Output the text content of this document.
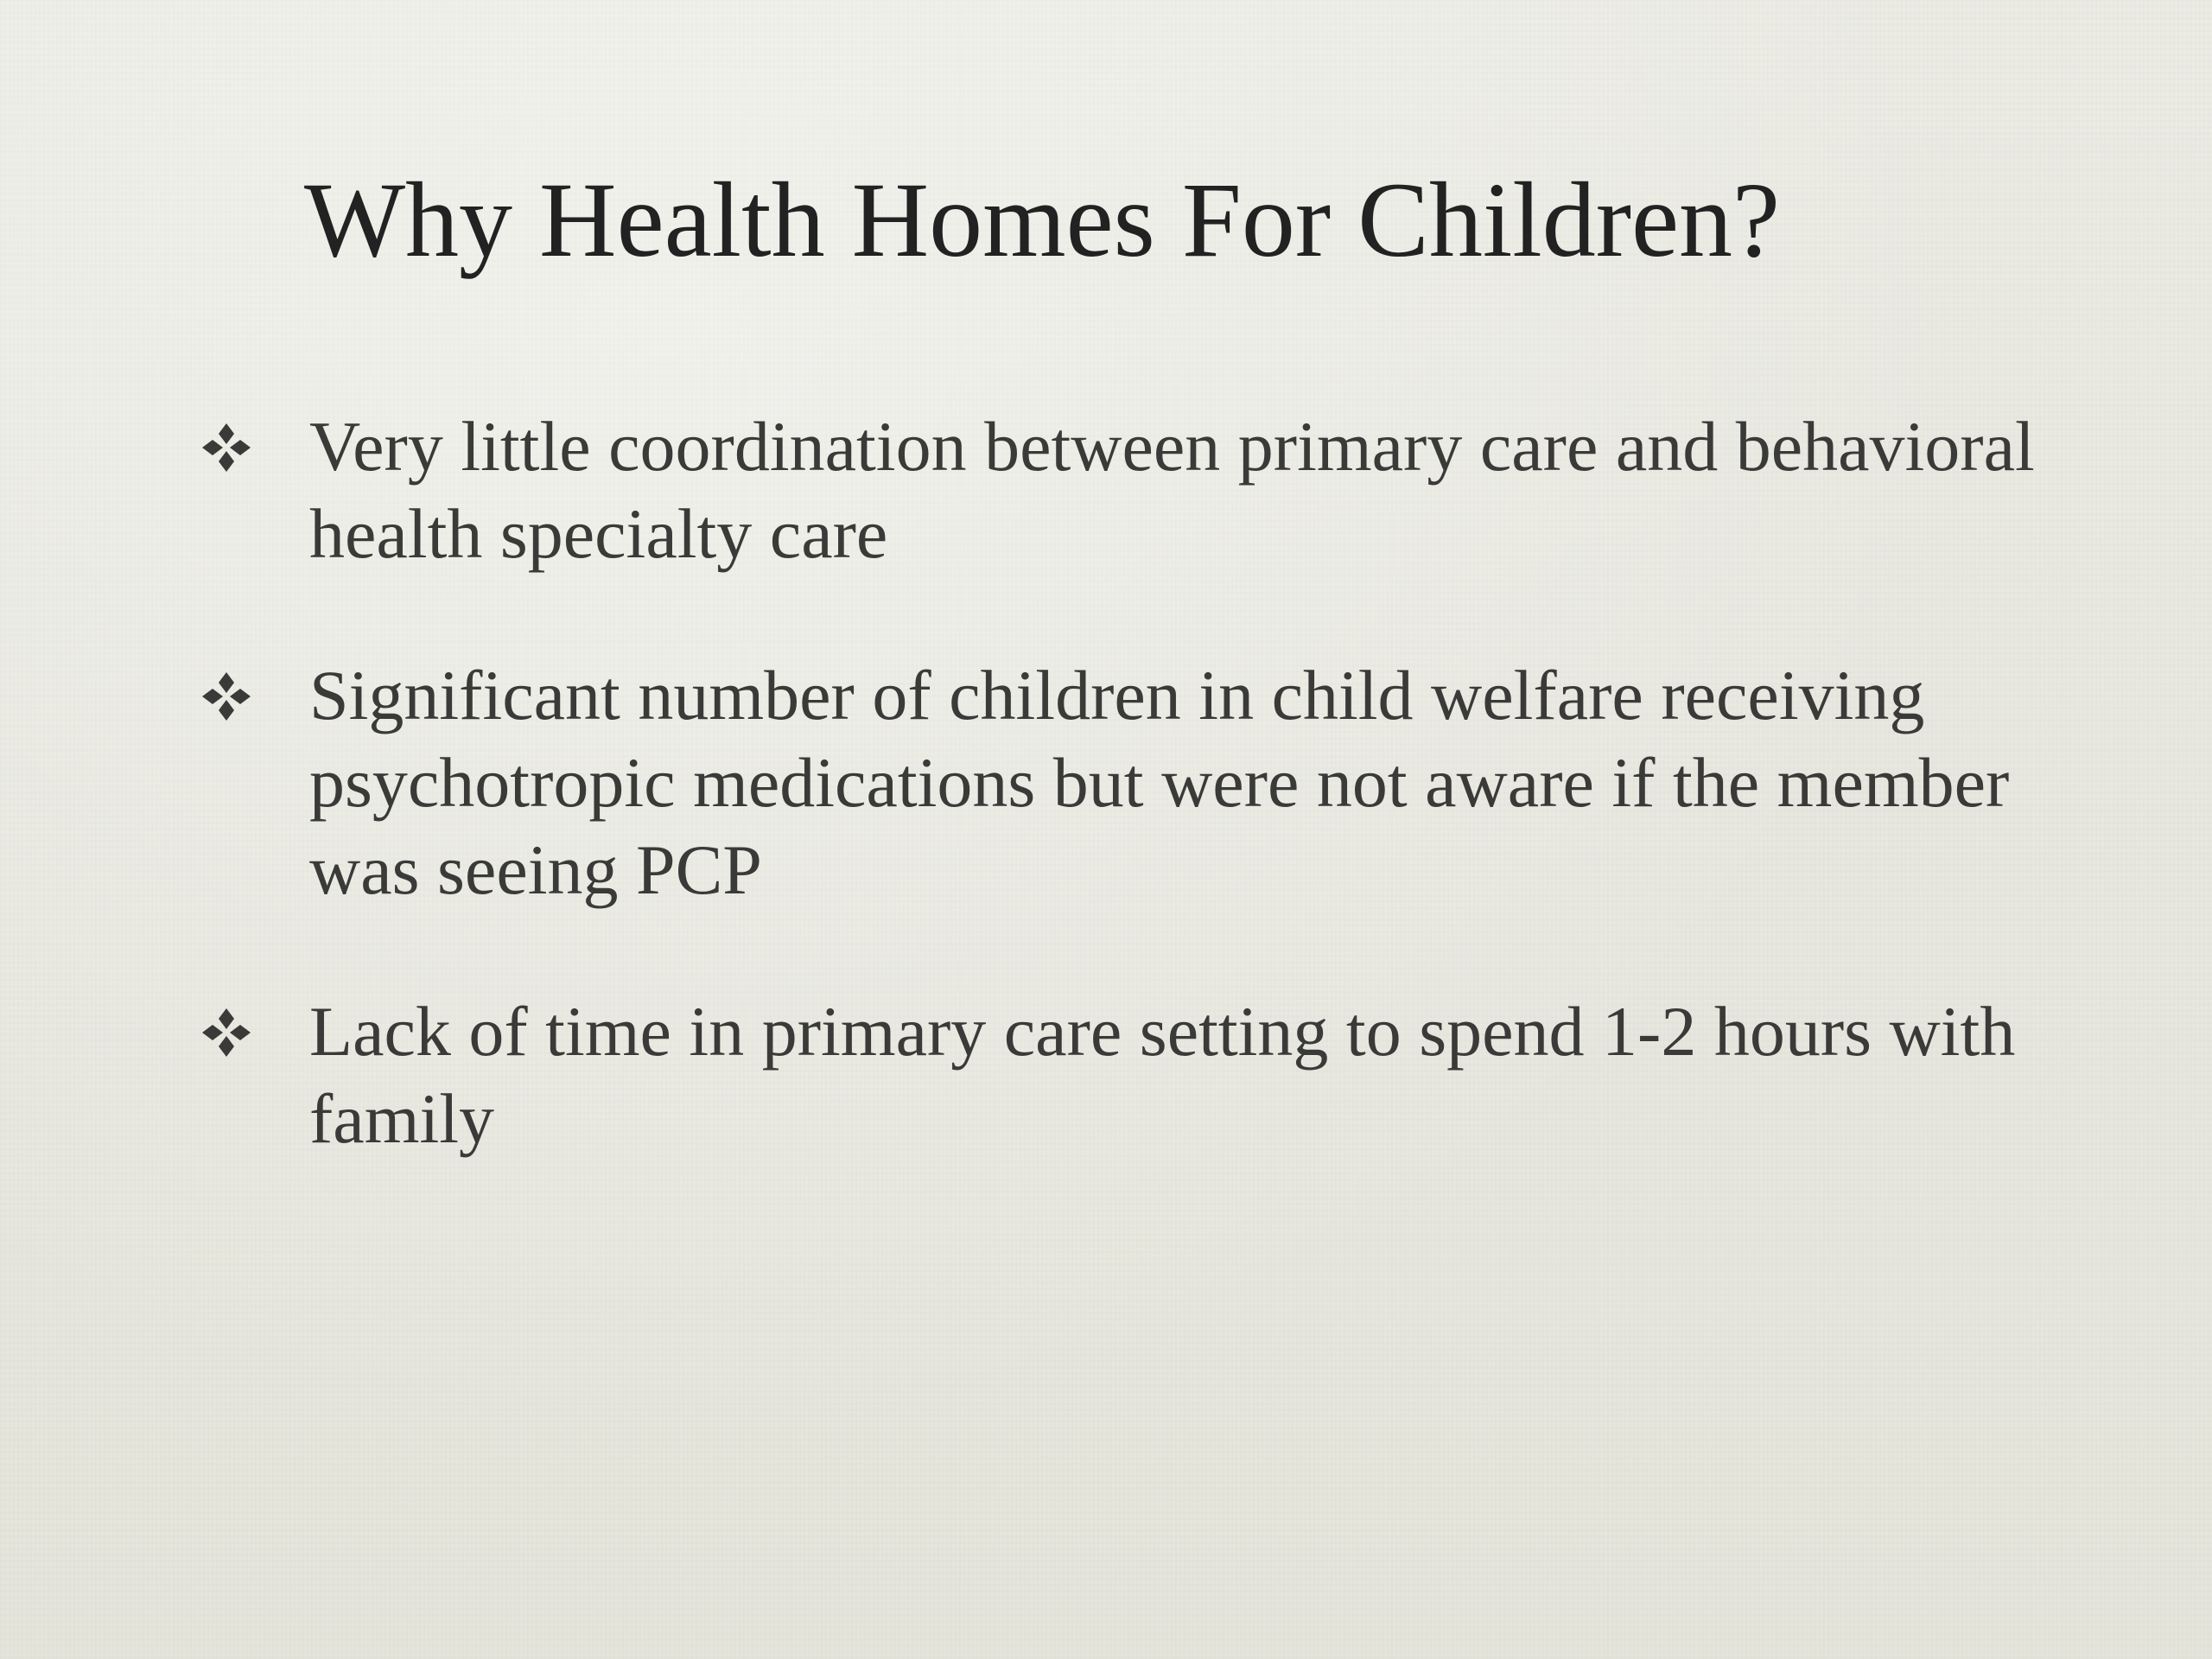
Why Health Homes For Children?
Very little coordination between primary care and behavioral health specialty care
Significant number of children in child welfare receiving psychotropic medications but were not aware if the member was seeing PCP
Lack of time in primary care setting to spend 1-2 hours with family
